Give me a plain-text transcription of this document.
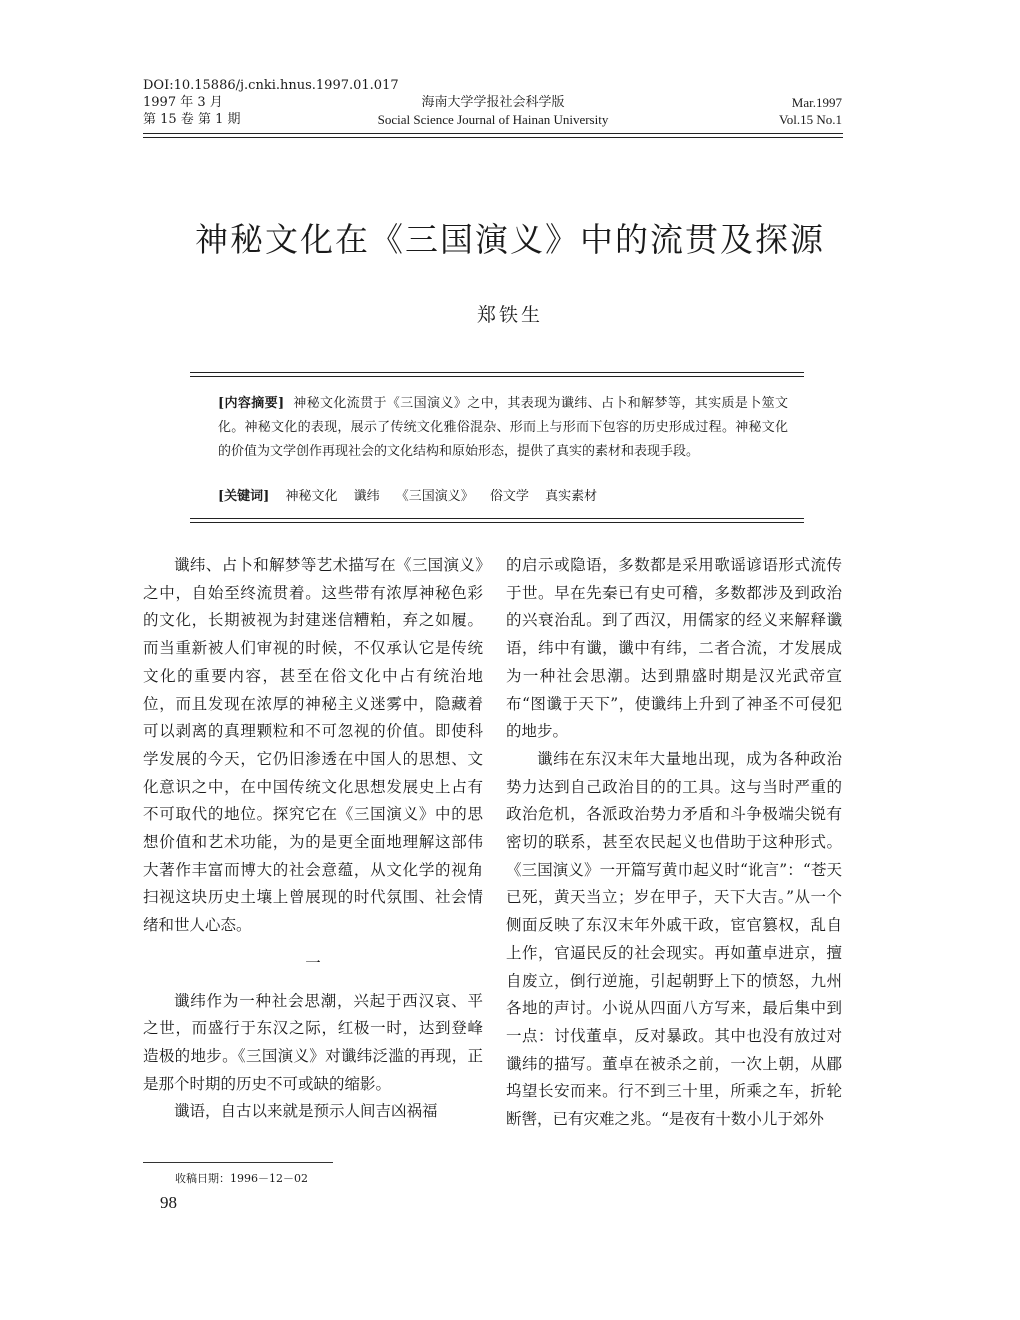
DOI:10.15886/j.cnki.hnus.1997.01.017
1997 年 3 月
第 15 卷 第 1 期
海南大学学报社会科学版
Social Science Journal of Hainan University
Mar.1997
Vol.15 No.1
神秘文化在《三国演义》中的流贯及探源
郑铁生
[内容摘要] 神秘文化流贯于《三国演义》之中，其表现为谶纬、占卜和解梦等，其实质是卜筮文化。神秘文化的表现，展示了传统文化雅俗混杂、形而上与形而下包容的历史形成过程。神秘文化的价值为文学创作再现社会的文化结构和原始形态，提供了真实的素材和表现手段。
[关键词] 神秘文化 谶纬 《三国演义》 俗文学 真实素材

谶纬、占卜和解梦等艺术描写在《三国演义》之中，自始至终流贯着。这些带有浓厚神秘色彩的文化，长期被视为封建迷信糟粕，弃之如履。而当重新被人们审视的时候，不仅承认它是传统文化的重要内容，甚至在俗文化中占有统治地位，而且发现在浓厚的神秘主义迷雾中，隐藏着可以剥离的真理颗粒和不可忽视的价值。即使科学发展的今天，它仍旧渗透在中国人的思想、文化意识之中，在中国传统文化思想发展史上占有不可取代的地位。探究它在《三国演义》中的思想价值和艺术功能，为的是更全面地理解这部伟大著作丰富而博大的社会意蕴，从文化学的视角扫视这块历史土壤上曾展现的时代氛围、社会情绪和世人心态。

一

谶纬作为一种社会思潮，兴起于西汉哀、平之世，而盛行于东汉之际，红极一时，达到登峰造极的地步。《三国演义》对谶纬泛滥的再现，正是那个时期的历史不可或缺的缩影。

谶语，自古以来就是预示人间吉凶祸福

的启示或隐语，多数都是采用歌谣谚语形式流传于世。早在先秦已有史可稽，多数都涉及到政治的兴衰治乱。到了西汉，用儒家的经义来解释谶语，纬中有谶，谶中有纬，二者合流，才发展成为一种社会思潮。达到鼎盛时期是汉光武帝宣布“图谶于天下”，使谶纬上升到了神圣不可侵犯的地步。

谶纬在东汉末年大量地出现，成为各种政治势力达到自己政治目的的工具。这与当时严重的政治危机，各派政治势力矛盾和斗争极端尖锐有密切的联系，甚至农民起义也借助于这种形式。《三国演义》一开篇写黄巾起义时“讹言”：“苍天已死，黄天当立；岁在甲子，天下大吉。”从一个侧面反映了东汉末年外戚干政，宦官篡权，乱自上作，官逼民反的社会现实。再如董卓进京，擅自废立，倒行逆施，引起朝野上下的愤怒，九州各地的声讨。小说从四面八方写来，最后集中到一点：讨伐董卓，反对暴政。其中也没有放过对谶纬的描写。董卓在被杀之前，一次上朝，从郿坞望长安而来。行不到三十里，所乘之车，折轮断辔，已有灾难之兆。“是夜有十数小儿于郊外

收稿日期：1996－12－02
98
